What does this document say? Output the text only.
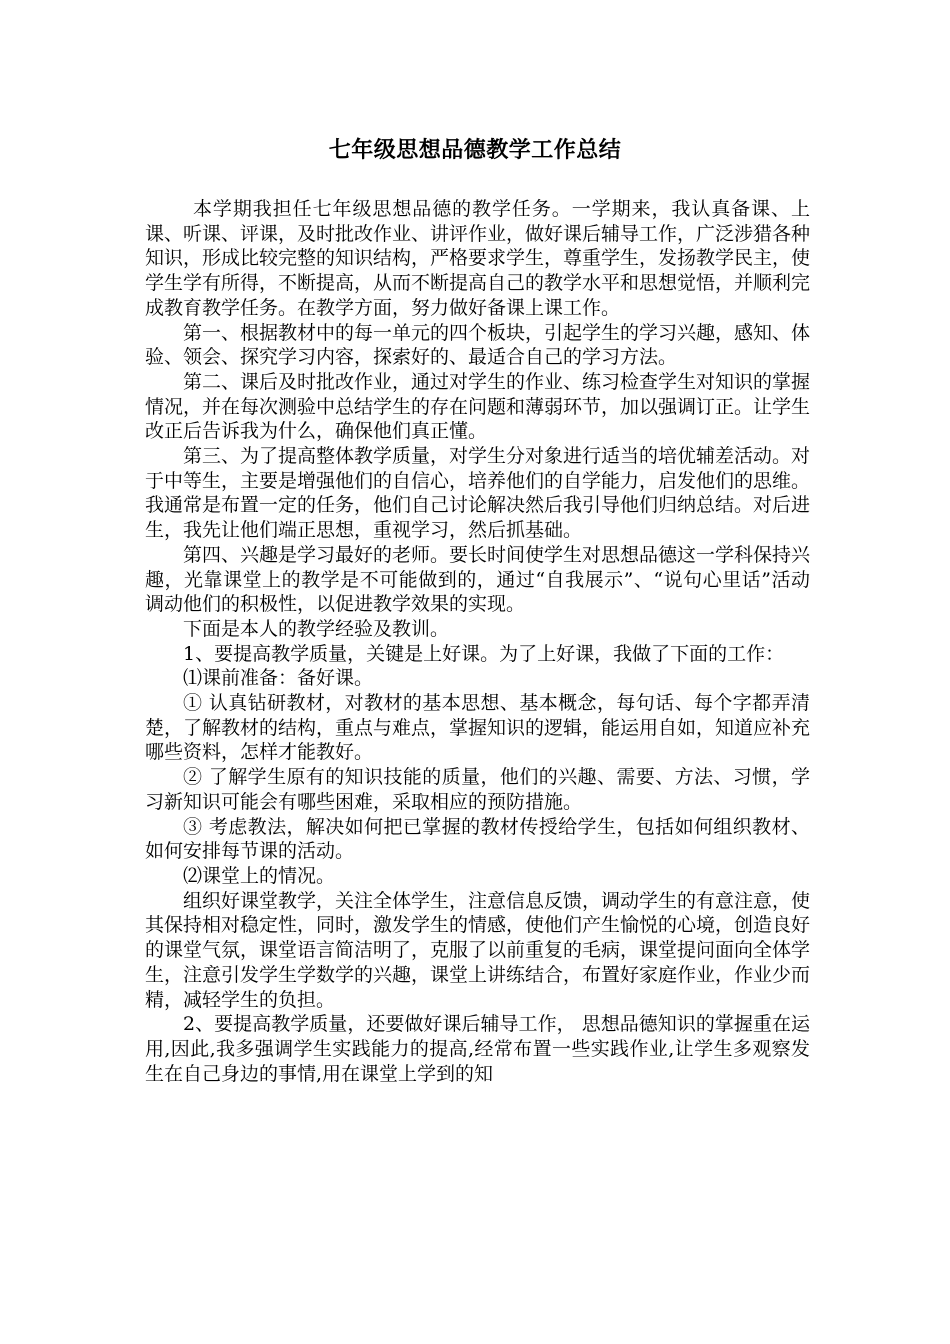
七年级思想品德教学工作总结

本学期我担任七年级思想品德的教学任务。一学期来，我认真备课、上课、听课、评课，及时批改作业、讲评作业，做好课后辅导工作，广泛涉猎各种知识，形成比较完整的知识结构，严格要求学生，尊重学生，发扬教学民主，使学生学有所得，不断提高，从而不断提高自己的教学水平和思想觉悟，并顺利完成教育教学任务。在教学方面，努力做好备课上课工作。

第一、根据教材中的每一单元的四个板块，引起学生的学习兴趣，感知、体验、领会、探究学习内容，探索好的、最适合自己的学习方法。

第二、课后及时批改作业，通过对学生的作业、练习检查学生对知识的掌握情况，并在每次测验中总结学生的存在问题和薄弱环节，加以强调订正。让学生改正后告诉我为什么，确保他们真正懂。

第三、为了提高整体教学质量，对学生分对象进行适当的培优辅差活动。对于中等生，主要是增强他们的自信心，培养他们的自学能力，启发他们的思维。我通常是布置一定的任务，他们自己讨论解决然后我引导他们归纳总结。对后进生，我先让他们端正思想，重视学习，然后抓基础。

第四、兴趣是学习最好的老师。要长时间使学生对思想品德这一学科保持兴趣，光靠课堂上的教学是不可能做到的，通过“自我展示”、“说句心里话”活动调动他们的积极性，以促进教学效果的实现。

下面是本人的教学经验及教训。

1、要提高教学质量，关键是上好课。为了上好课，我做了下面的工作：

⑴课前准备：备好课。

① 认真钻研教材，对教材的基本思想、基本概念，每句话、每个字都弄清楚，了解教材的结构，重点与难点，掌握知识的逻辑，能运用自如，知道应补充哪些资料，怎样才能教好。

② 了解学生原有的知识技能的质量，他们的兴趣、需要、方法、习惯，学习新知识可能会有哪些困难，采取相应的预防措施。

③ 考虑教法，解决如何把已掌握的教材传授给学生，包括如何组织教材、如何安排每节课的活动。

⑵课堂上的情况。

组织好课堂教学，关注全体学生，注意信息反馈，调动学生的有意注意，使其保持相对稳定性，同时，激发学生的情感，使他们产生愉悦的心境，创造良好的课堂气氛，课堂语言简洁明了，克服了以前重复的毛病，课堂提问面向全体学生，注意引发学生学数学的兴趣，课堂上讲练结合，布置好家庭作业，作业少而精，减轻学生的负担。

2、要提高教学质量，还要做好课后辅导工作， 思想品德知识的掌握重在运用,因此,我多强调学生实践能力的提高,经常布置一些实践作业,让学生多观察发生在自己身边的事情,用在课堂上学到的知
